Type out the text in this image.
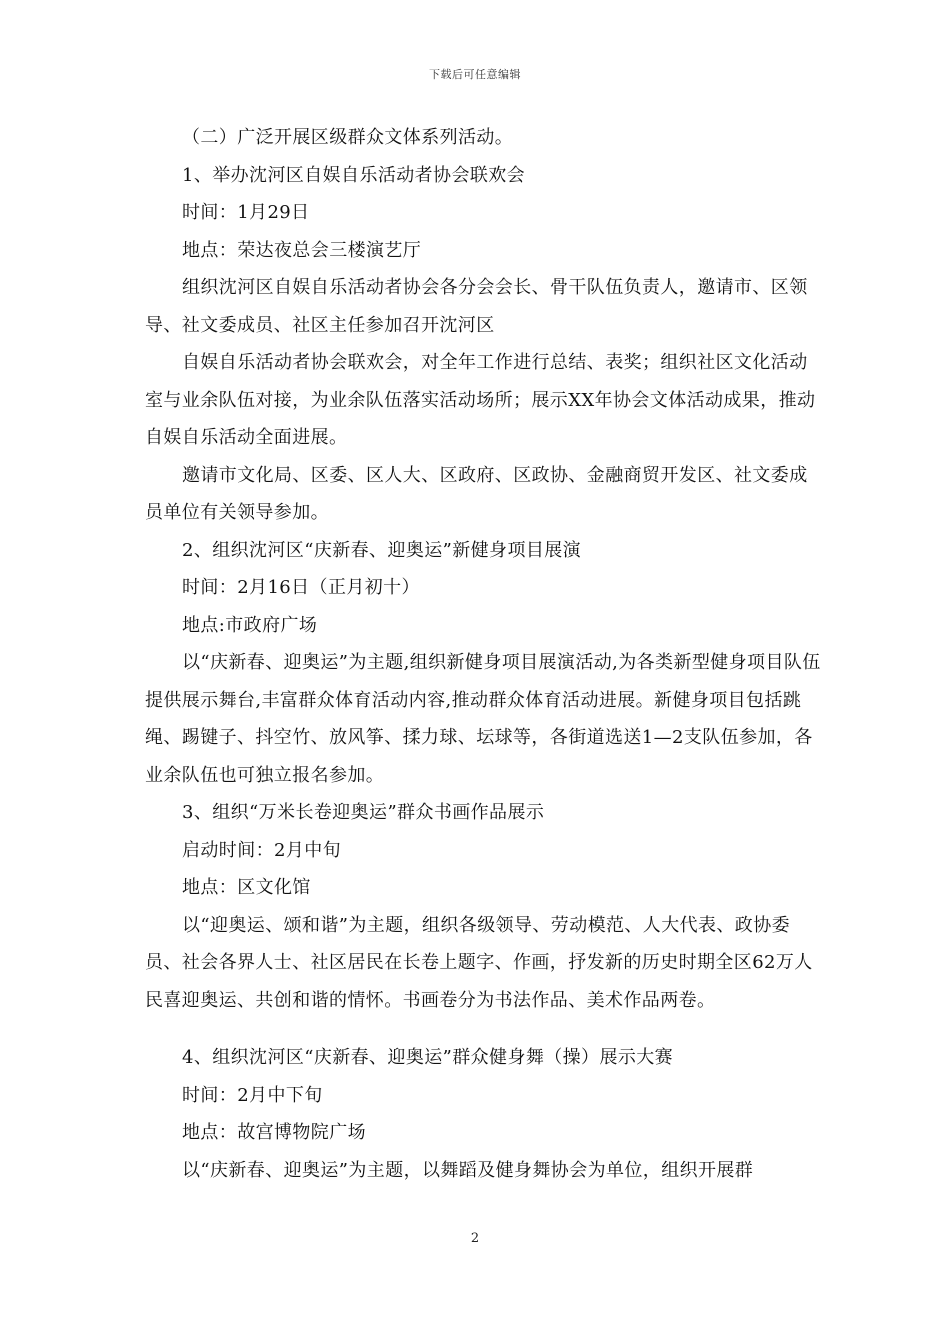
下载后可任意编辑

（二）广泛开展区级群众文体系列活动。

1、举办沈河区自娱自乐活动者协会联欢会

时间：1月29日

地点：荣达夜总会三楼演艺厅

组织沈河区自娱自乐活动者协会各分会会长、骨干队伍负责人，邀请市、区领导、社文委成员、社区主任参加召开沈河区

自娱自乐活动者协会联欢会，对全年工作进行总结、表奖；组织社区文化活动室与业余队伍对接，为业余队伍落实活动场所；展示XX年协会文体活动成果，推动自娱自乐活动全面进展。

邀请市文化局、区委、区人大、区政府、区政协、金融商贸开发区、社文委成员单位有关领导参加。

2、组织沈河区“庆新春、迎奥运”新健身项目展演

时间：2月16日（正月初十）

地点:市政府广场

以“庆新春、迎奥运”为主题,组织新健身项目展演活动,为各类新型健身项目队伍提供展示舞台,丰富群众体育活动内容,推动群众体育活动进展。新健身项目包括跳绳、踢键子、抖空竹、放风筝、揉力球、坛球等，各街道选送1—2支队伍参加，各业余队伍也可独立报名参加。

3、组织“万米长卷迎奥运”群众书画作品展示

启动时间：2月中旬

地点：区文化馆

以“迎奥运、颂和谐”为主题，组织各级领导、劳动模范、人大代表、政协委员、社会各界人士、社区居民在长卷上题字、作画，抒发新的历史时期全区62万人民喜迎奥运、共创和谐的情怀。书画卷分为书法作品、美术作品两卷。

4、组织沈河区“庆新春、迎奥运”群众健身舞（操）展示大赛

时间：2月中下旬

地点：故宫博物院广场

以“庆新春、迎奥运”为主题，以舞蹈及健身舞协会为单位，组织开展群

2
